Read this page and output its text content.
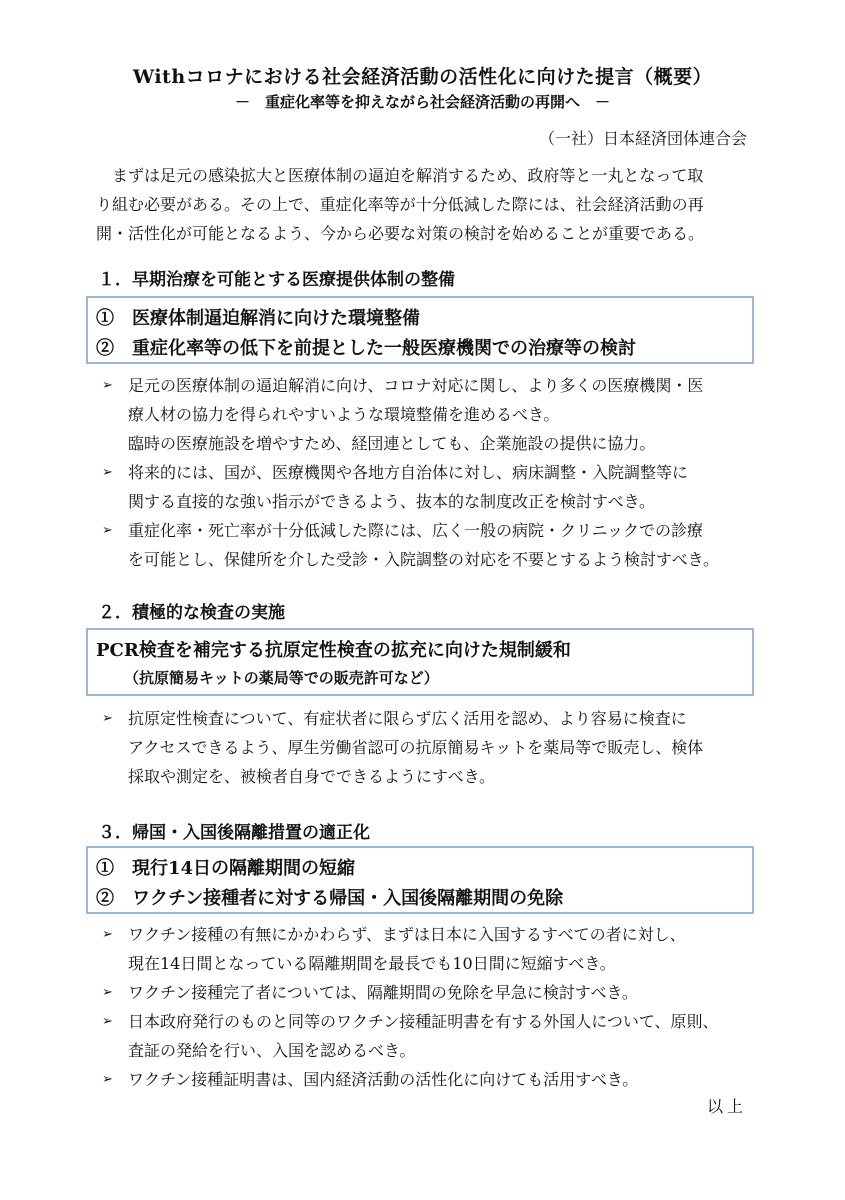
Withコロナにおける社会経済活動の活性化に向けた提言（概要）
－　重症化率等を抑えながら社会経済活動の再開へ　－
（一社）日本経済団体連合会

　まずは足元の感染拡大と医療体制の逼迫を解消するため、政府等と一丸となって取
り組む必要がある。その上で、重症化率等が十分低減した際には、社会経済活動の再
開・活性化が可能となるよう、今から必要な対策の検討を始めることが重要である。

１．早期治療を可能とする医療提供体制の整備
①　医療体制逼迫解消に向けた環境整備
②　重症化率等の低下を前提とした一般医療機関での治療等の検討
➢ 足元の医療体制の逼迫解消に向け、コロナ対応に関し、より多くの医療機関・医
療人材の協力を得られやすいような環境整備を進めるべき。
臨時の医療施設を増やすため、経団連としても、企業施設の提供に協力。
➢ 将来的には、国が、医療機関や各地方自治体に対し、病床調整・入院調整等に
関する直接的な強い指示ができるよう、抜本的な制度改正を検討すべき。
➢ 重症化率・死亡率が十分低減した際には、広く一般の病院・クリニックでの診療
を可能とし、保健所を介した受診・入院調整の対応を不要とするよう検討すべき。
２．積極的な検査の実施
PCR検査を補完する抗原定性検査の拡充に向けた規制緩和
（抗原簡易キットの薬局等での販売許可など）
➢ 抗原定性検査について、有症状者に限らず広く活用を認め、より容易に検査に
アクセスできるよう、厚生労働省認可の抗原簡易キットを薬局等で販売し、検体
採取や測定を、被検者自身でできるようにすべき。
３．帰国・入国後隔離措置の適正化
①　現行14日の隔離期間の短縮
②　ワクチン接種者に対する帰国・入国後隔離期間の免除
➢ ワクチン接種の有無にかかわらず、まずは日本に入国するすべての者に対し、
現在14日間となっている隔離期間を最長でも10日間に短縮すべき。
➢ ワクチン接種完了者については、隔離期間の免除を早急に検討すべき。
➢ 日本政府発行のものと同等のワクチン接種証明書を有する外国人について、原則、
査証の発給を行い、入国を認めるべき。
➢ ワクチン接種証明書は、国内経済活動の活性化に向けても活用すべき。
以上
